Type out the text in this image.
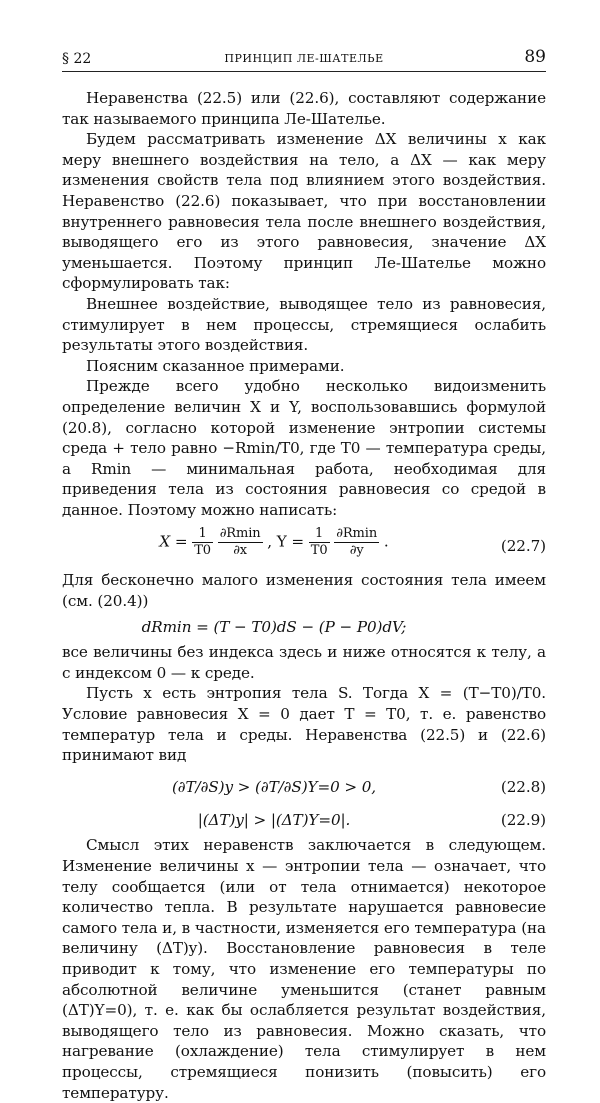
§ 22	ПРИНЦИП ЛЕ-ШАТЕЛЬЕ	89

Неравенства (22.5) или (22.6), составляют содержание так называемого принципа Ле-Шательe.

Будем рассматривать изменение ΔX величины x как меру внешнего воздействия на тело, а ΔX — как меру изменения свойств тела под влиянием этого воздействия. Неравенство (22.6) показывает, что при восстановлении внутреннего равновесия тела после внешнего воздействия, выводящего его из этого равновесия, значение ΔX уменьшается. Поэтому принцип Ле-Шателье можно сформулировать так:

Внешнее воздействие, выводящее тело из равновесия, стимулирует в нем процессы, стремящиеся ослабить результаты этого воздействия.

Поясним сказанное примерами.

Прежде всего удобно несколько видоизменить определение величин X и Y, воспользовавшись формулой (20.8), согласно которой изменение энтропии системы среда + тело равно −Rmin/T0, где T0 — температура среды, а Rmin — минимальная работа, необходимая для приведения тела из состояния равновесия со средой в данное. Поэтому можно написать:

$X = \frac{1}{T0}$
$\frac{\partial Rmin}{\partial x}$ , $Y = \frac{1}{T0}$
$\frac{\partial Rmin}{\partial y}$ .	(22.7)

Для бесконечно малого изменения состояния тела имеем (см. (20.4))

dRmin = (T − T0)dS − (P − P0)dV;

все величины без индекса здесь и ниже относятся к телу, а с индексом 0 — к среде.

Пусть x есть энтропия тела S. Тогда X = (T−T0)/T0. Условие равновесия X = 0 дает T = T0, т. е. равенство температур тела и среды. Неравенства (22.5) и (22.6) принимают вид

(∂T/∂S)y > (∂T/∂S)Y=0 > 0,	(22.8)
|(ΔT)y| > |(ΔT)Y=0|.	(22.9)

Смысл этих неравенств заключается в следующем. Изменение величины x — энтропии тела — означает, что телу сообщается (или от тела отнимается) некоторое количество тепла. В результате нарушается равновесие самого тела и, в частности, изменяется его температура (на величину (ΔT)y). Восстановление равновесия в теле приводит к тому, что изменение его температуры по абсолютной величине уменьшится (станет равным (ΔT)Y=0), т. е. как бы ослабляется результат воздействия, выводящего тело из равновесия. Можно сказать, что нагревание (охлаждение) тела стимулирует в нем процессы, стремящиеся понизить (повысить) его температуру.
